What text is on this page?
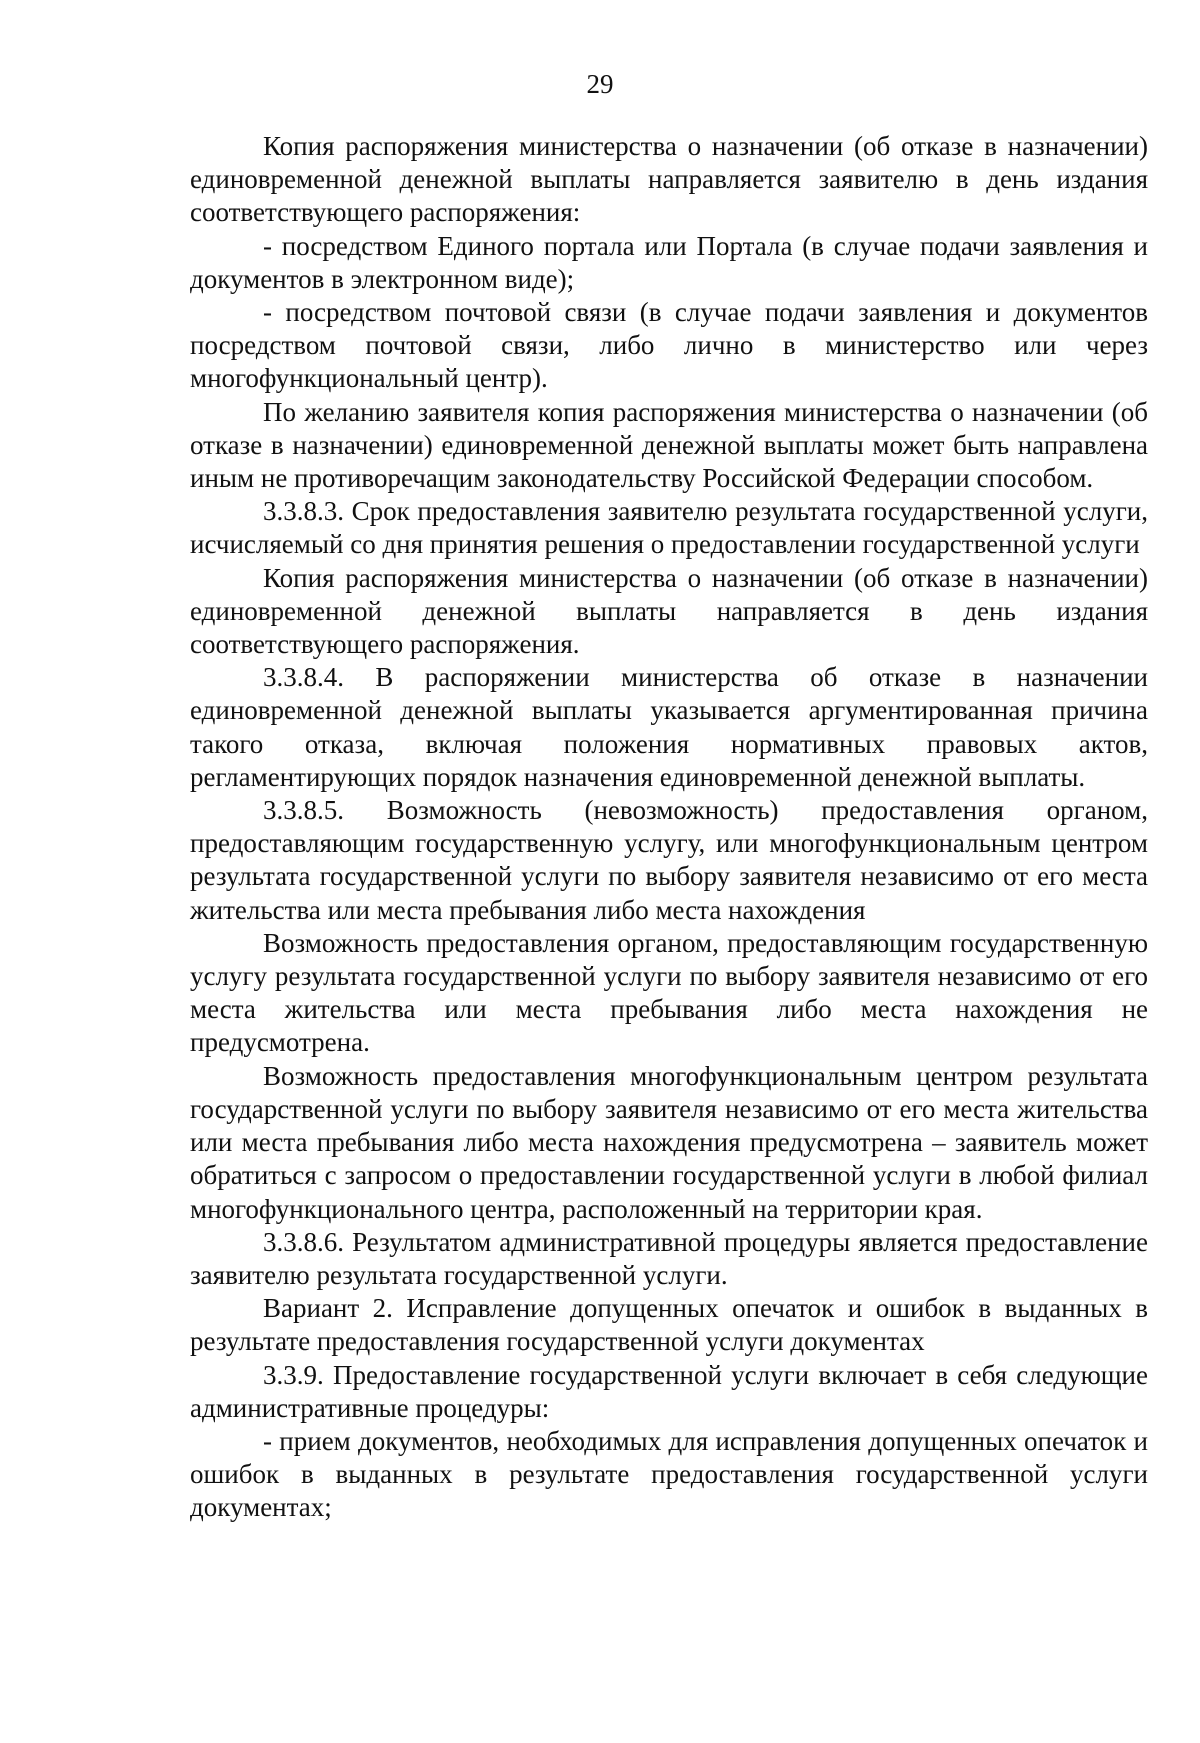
29

Копия распоряжения министерства о назначении (об отказе в назначении) единовременной денежной выплаты направляется заявителю в день издания соответствующего распоряжения:

- посредством Единого портала или Портала (в случае подачи заявления и документов в электронном виде);

- посредством почтовой связи (в случае подачи заявления и документов посредством почтовой связи, либо лично в министерство или через многофункциональный центр).

По желанию заявителя копия распоряжения министерства о назначении (об отказе в назначении) единовременной денежной выплаты может быть направлена иным не противоречащим законодательству Российской Федерации способом.

3.3.8.3. Срок предоставления заявителю результата государственной услуги, исчисляемый со дня принятия решения о предоставлении государственной услуги

Копия распоряжения министерства о назначении (об отказе в назначении) единовременной денежной выплаты направляется в день издания соответствующего распоряжения.

3.3.8.4. В распоряжении министерства об отказе в назначении единовременной денежной выплаты указывается аргументированная причина такого отказа, включая положения нормативных правовых актов, регламентирующих порядок назначения единовременной денежной выплаты.

3.3.8.5. Возможность (невозможность) предоставления органом, предоставляющим государственную услугу, или многофункциональным центром результата государственной услуги по выбору заявителя независимо от его места жительства или места пребывания либо места нахождения

Возможность предоставления органом, предоставляющим государственную услугу результата государственной услуги по выбору заявителя независимо от его места жительства или места пребывания либо места нахождения не предусмотрена.

Возможность предоставления многофункциональным центром результата государственной услуги по выбору заявителя независимо от его места жительства или места пребывания либо места нахождения предусмотрена – заявитель может обратиться с запросом о предоставлении государственной услуги в любой филиал многофункционального центра, расположенный на территории края.

3.3.8.6. Результатом административной процедуры является предоставление заявителю результата государственной услуги.

Вариант 2. Исправление допущенных опечаток и ошибок в выданных в результате предоставления государственной услуги документах

3.3.9. Предоставление государственной услуги включает в себя следующие административные процедуры:

- прием документов, необходимых для исправления допущенных опечаток и ошибок в выданных в результате предоставления государственной услуги документах;
